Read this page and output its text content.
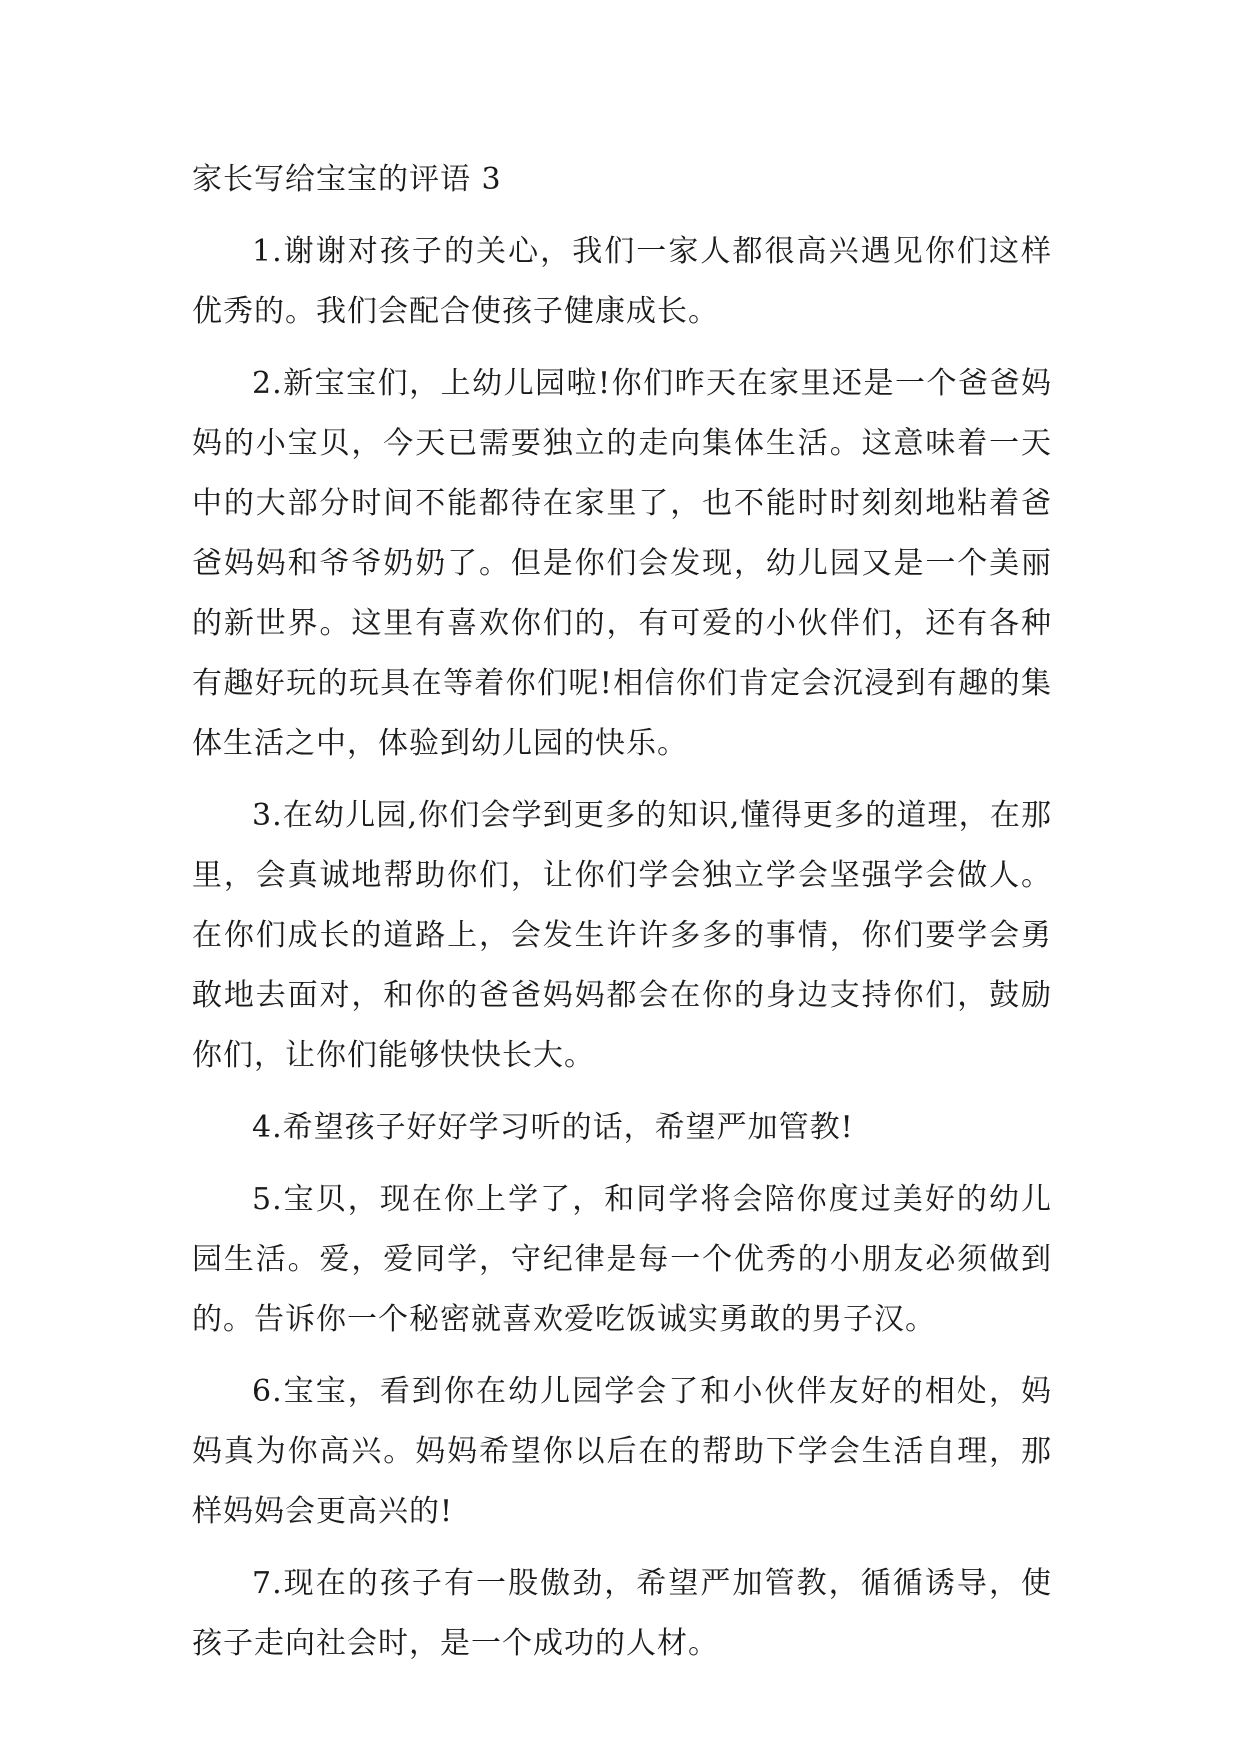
家长写给宝宝的评语 3

1.谢谢对孩子的关心，我们一家人都很高兴遇见你们这样优秀的。我们会配合使孩子健康成长。

2.新宝宝们，上幼儿园啦!你们昨天在家里还是一个爸爸妈妈的小宝贝，今天已需要独立的走向集体生活。这意味着一天中的大部分时间不能都待在家里了，也不能时时刻刻地粘着爸爸妈妈和爷爷奶奶了。但是你们会发现，幼儿园又是一个美丽的新世界。这里有喜欢你们的，有可爱的小伙伴们，还有各种有趣好玩的玩具在等着你们呢!相信你们肯定会沉浸到有趣的集体生活之中，体验到幼儿园的快乐。

3.在幼儿园,你们会学到更多的知识,懂得更多的道理，在那里，会真诚地帮助你们，让你们学会独立学会坚强学会做人。在你们成长的道路上，会发生许许多多的事情，你们要学会勇敢地去面对，和你的爸爸妈妈都会在你的身边支持你们，鼓励你们，让你们能够快快长大。

4.希望孩子好好学习听的话，希望严加管教!

5.宝贝，现在你上学了，和同学将会陪你度过美好的幼儿园生活。爱，爱同学，守纪律是每一个优秀的小朋友必须做到的。告诉你一个秘密就喜欢爱吃饭诚实勇敢的男子汉。

6.宝宝，看到你在幼儿园学会了和小伙伴友好的相处，妈妈真为你高兴。妈妈希望你以后在的帮助下学会生活自理，那样妈妈会更高兴的!

7.现在的孩子有一股傲劲，希望严加管教，循循诱导，使孩子走向社会时，是一个成功的人材。
